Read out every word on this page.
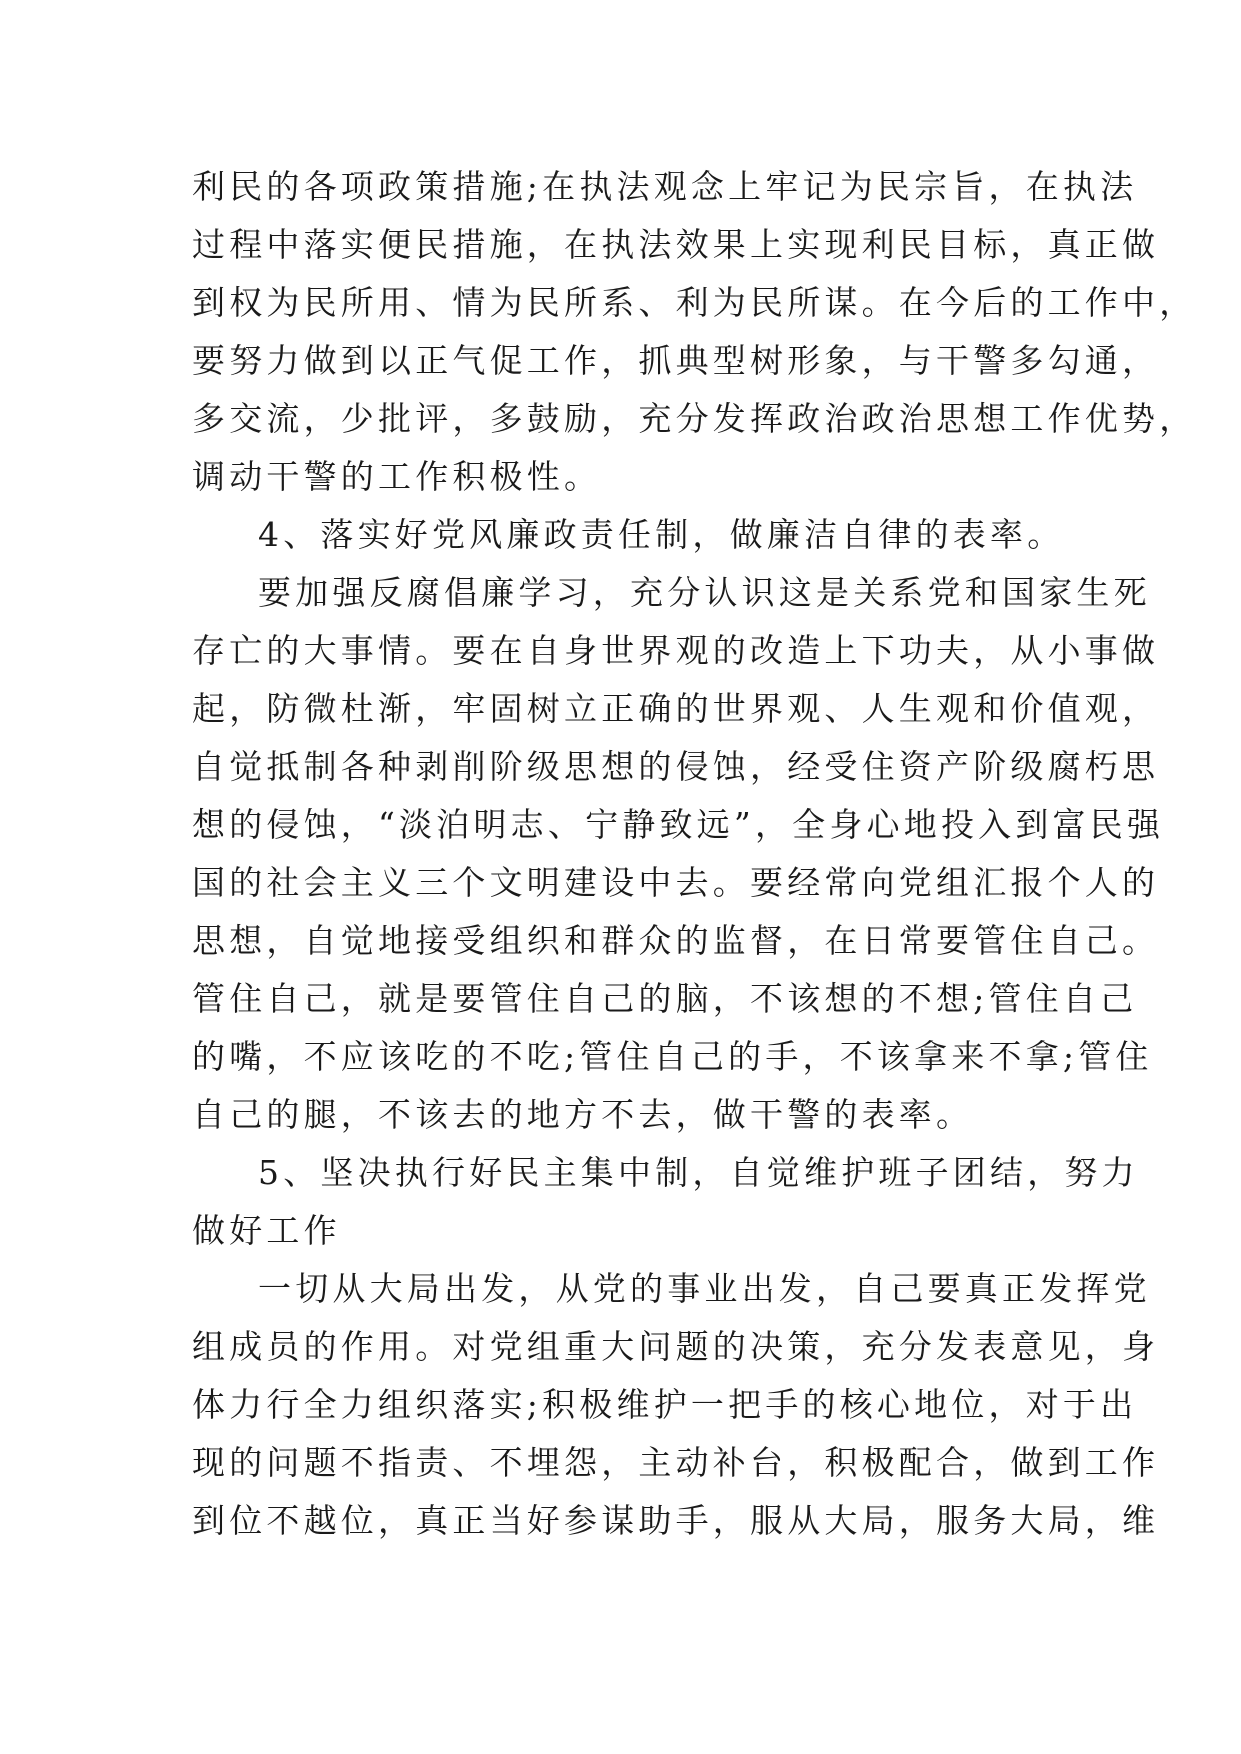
利民的各项政策措施;在执法观念上牢记为民宗旨，在执法
过程中落实便民措施，在执法效果上实现利民目标，真正做
到权为民所用、情为民所系、利为民所谋。在今后的工作中，
要努力做到以正气促工作，抓典型树形象，与干警多勾通，
多交流，少批评，多鼓励，充分发挥政治政治思想工作优势，
调动干警的工作积极性。
4、落实好党风廉政责任制，做廉洁自律的表率。
要加强反腐倡廉学习，充分认识这是关系党和国家生死
存亡的大事情。要在自身世界观的改造上下功夫，从小事做
起，防微杜渐，牢固树立正确的世界观、人生观和价值观，
自觉抵制各种剥削阶级思想的侵蚀，经受住资产阶级腐朽思
想的侵蚀，“淡泊明志、宁静致远”，全身心地投入到富民强
国的社会主义三个文明建设中去。要经常向党组汇报个人的
思想，自觉地接受组织和群众的监督，在日常要管住自己。
管住自己，就是要管住自己的脑，不该想的不想;管住自己
的嘴，不应该吃的不吃;管住自己的手，不该拿来不拿;管住
自己的腿，不该去的地方不去，做干警的表率。
5、坚决执行好民主集中制，自觉维护班子团结，努力
做好工作
一切从大局出发，从党的事业出发，自己要真正发挥党
组成员的作用。对党组重大问题的决策，充分发表意见，身
体力行全力组织落实;积极维护一把手的核心地位，对于出
现的问题不指责、不埋怨，主动补台，积极配合，做到工作
到位不越位，真正当好参谋助手，服从大局，服务大局，维
